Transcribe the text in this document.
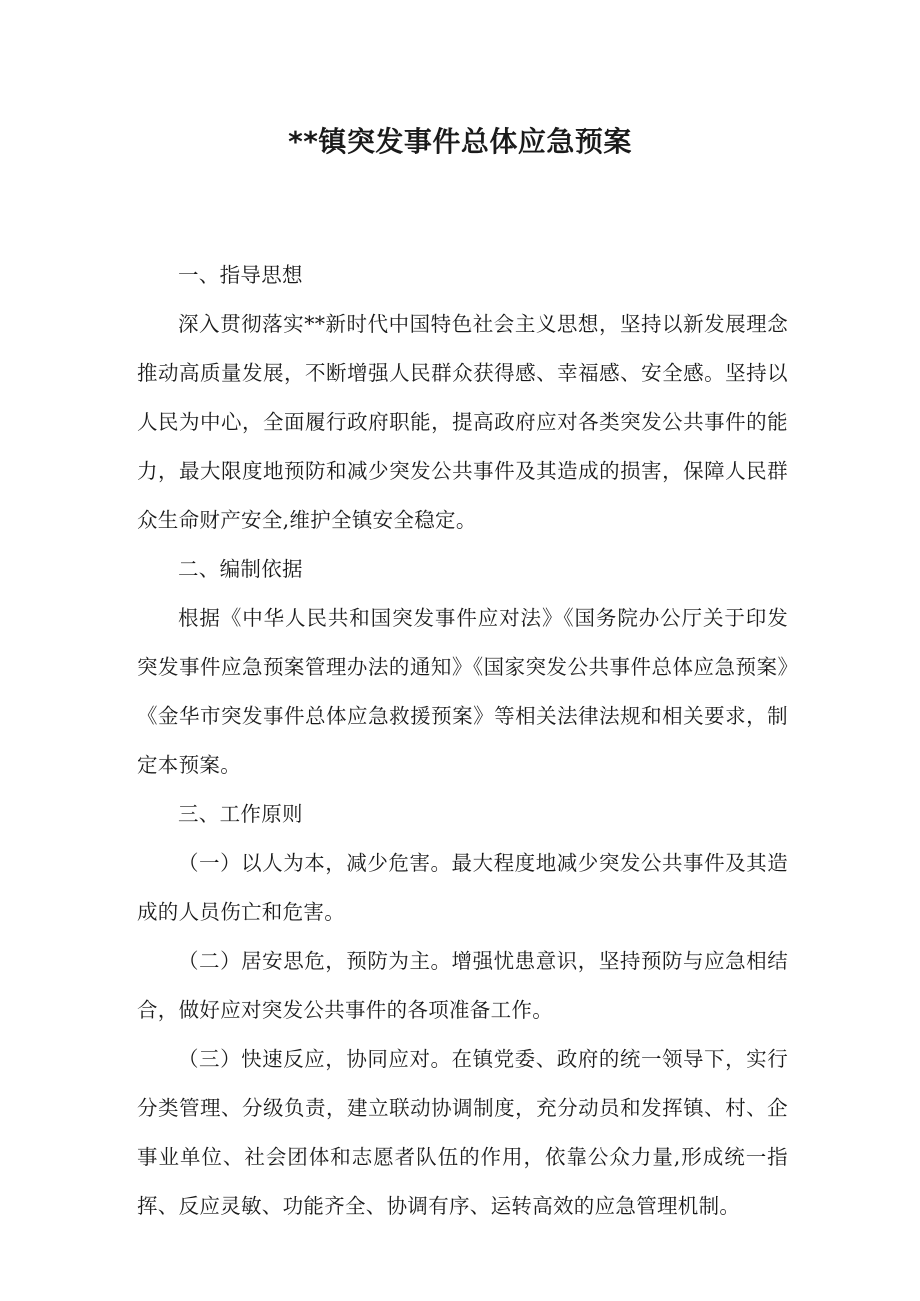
**镇突发事件总体应急预案
一、指导思想

深入贯彻落实**新时代中国特色社会主义思想，坚持以新发展理念推动高质量发展，不断增强人民群众获得感、幸福感、安全感。坚持以人民为中心，全面履行政府职能，提高政府应对各类突发公共事件的能力，最大限度地预防和减少突发公共事件及其造成的损害，保障人民群众生命财产安全,维护全镇安全稳定。

二、编制依据

根据《中华人民共和国突发事件应对法》《国务院办公厅关于印发突发事件应急预案管理办法的通知》《国家突发公共事件总体应急预案》《金华市突发事件总体应急救援预案》等相关法律法规和相关要求，制定本预案。

三、工作原则

（一）以人为本，减少危害。最大程度地减少突发公共事件及其造成的人员伤亡和危害。

（二）居安思危，预防为主。增强忧患意识，坚持预防与应急相结合，做好应对突发公共事件的各项准备工作。

（三）快速反应，协同应对。在镇党委、政府的统一领导下，实行分类管理、分级负责，建立联动协调制度，充分动员和发挥镇、村、企事业单位、社会团体和志愿者队伍的作用，依靠公众力量,形成统一指挥、反应灵敏、功能齐全、协调有序、运转高效的应急管理机制。
